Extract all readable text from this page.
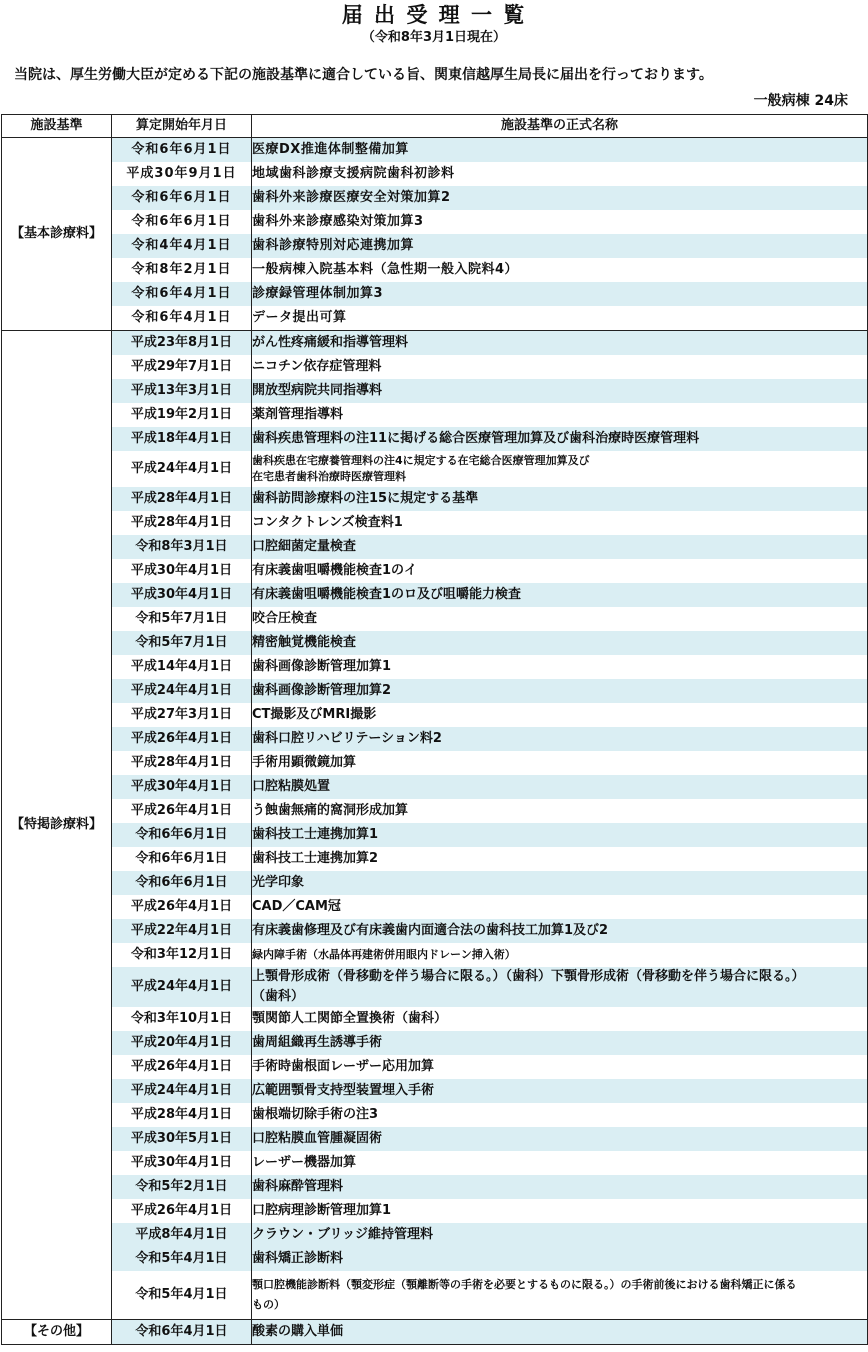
届 出 受 理 一 覧
（令和8年3月1日現在）
当院は、厚生労働大臣が定める下記の施設基準に適合している旨、関東信越厚生局長に届出を行っております。
一般病棟 24床
施設基準	算定開始年月日	施設基準の正式名称
【基本診療料】	令和6年6月1日	医療DX推進体制整備加算
	平成30年9月1日	地域歯科診療支援病院歯科初診料
	令和6年6月1日	歯科外来診療医療安全対策加算2
	令和6年6月1日	歯科外来診療感染対策加算3
	令和4年4月1日	歯科診療特別対応連携加算
	令和8年2月1日	一般病棟入院基本料（急性期一般入院料4）
	令和6年4月1日	診療録管理体制加算3
	令和6年4月1日	データ提出可算
【特掲診療料】	平成23年8月1日	がん性疼痛緩和指導管理料
	平成29年7月1日	ニコチン依存症管理料
	平成13年3月1日	開放型病院共同指導料
	平成19年2月1日	薬剤管理指導料
	平成18年4月1日	歯科疾患管理料の注11に掲げる総合医療管理加算及び歯科治療時医療管理料
	平成24年4月1日	歯科疾患在宅療養管理料の注4に規定する在宅総合医療管理加算及び
在宅患者歯科治療時医療管理料

	平成28年4月1日	歯科訪問診療料の注15に規定する基準
	平成28年4月1日	コンタクトレンズ検査料1
	令和8年3月1日	口腔細菌定量検査
	平成30年4月1日	有床義歯咀嚼機能検査1のイ
	平成30年4月1日	有床義歯咀嚼機能検査1のロ及び咀嚼能力検査
	令和5年7月1日	咬合圧検査
	令和5年7月1日	精密触覚機能検査
	平成14年4月1日	歯科画像診断管理加算1
	平成24年4月1日	歯科画像診断管理加算2
	平成27年3月1日	CT撮影及びMRI撮影
	平成26年4月1日	歯科口腔リハビリテーション料2
	平成28年4月1日	手術用顕微鏡加算
	平成30年4月1日	口腔粘膜処置
	平成26年4月1日	う蝕歯無痛的窩洞形成加算
	令和6年6月1日	歯科技工士連携加算1
	令和6年6月1日	歯科技工士連携加算2
	令和6年6月1日	光学印象
	平成26年4月1日	CAD／CAM冠
	平成22年4月1日	有床義歯修理及び有床義歯内面適合法の歯科技工加算1及び2
	令和3年12月1日	緑内障手術（水晶体再建術併用眼内ドレーン挿入術）
	平成24年4月1日	上顎骨形成術（骨移動を伴う場合に限る。）（歯科）下顎骨形成術（骨移動を伴う場合に限る。）
（歯科）

	令和3年10月1日	顎関節人工関節全置換術（歯科）
	平成20年4月1日	歯周組織再生誘導手術
	平成26年4月1日	手術時歯根面レーザー応用加算
	平成24年4月1日	広範囲顎骨支持型装置埋入手術
	平成28年4月1日	歯根端切除手術の注3
	平成30年5月1日	口腔粘膜血管腫凝固術
	平成30年4月1日	レーザー機器加算
	令和5年2月1日	歯科麻酔管理料
	平成26年4月1日	口腔病理診断管理加算1
	平成8年4月1日	クラウン・ブリッジ維持管理料
	令和5年4月1日	歯科矯正診断料
	令和5年4月1日	顎口腔機能診断料（顎変形症（顎離断等の手術を必要とするものに限る。）の手術前後における歯科矯正に係る
もの）

【その他】	令和6年4月1日	酸素の購入単価
